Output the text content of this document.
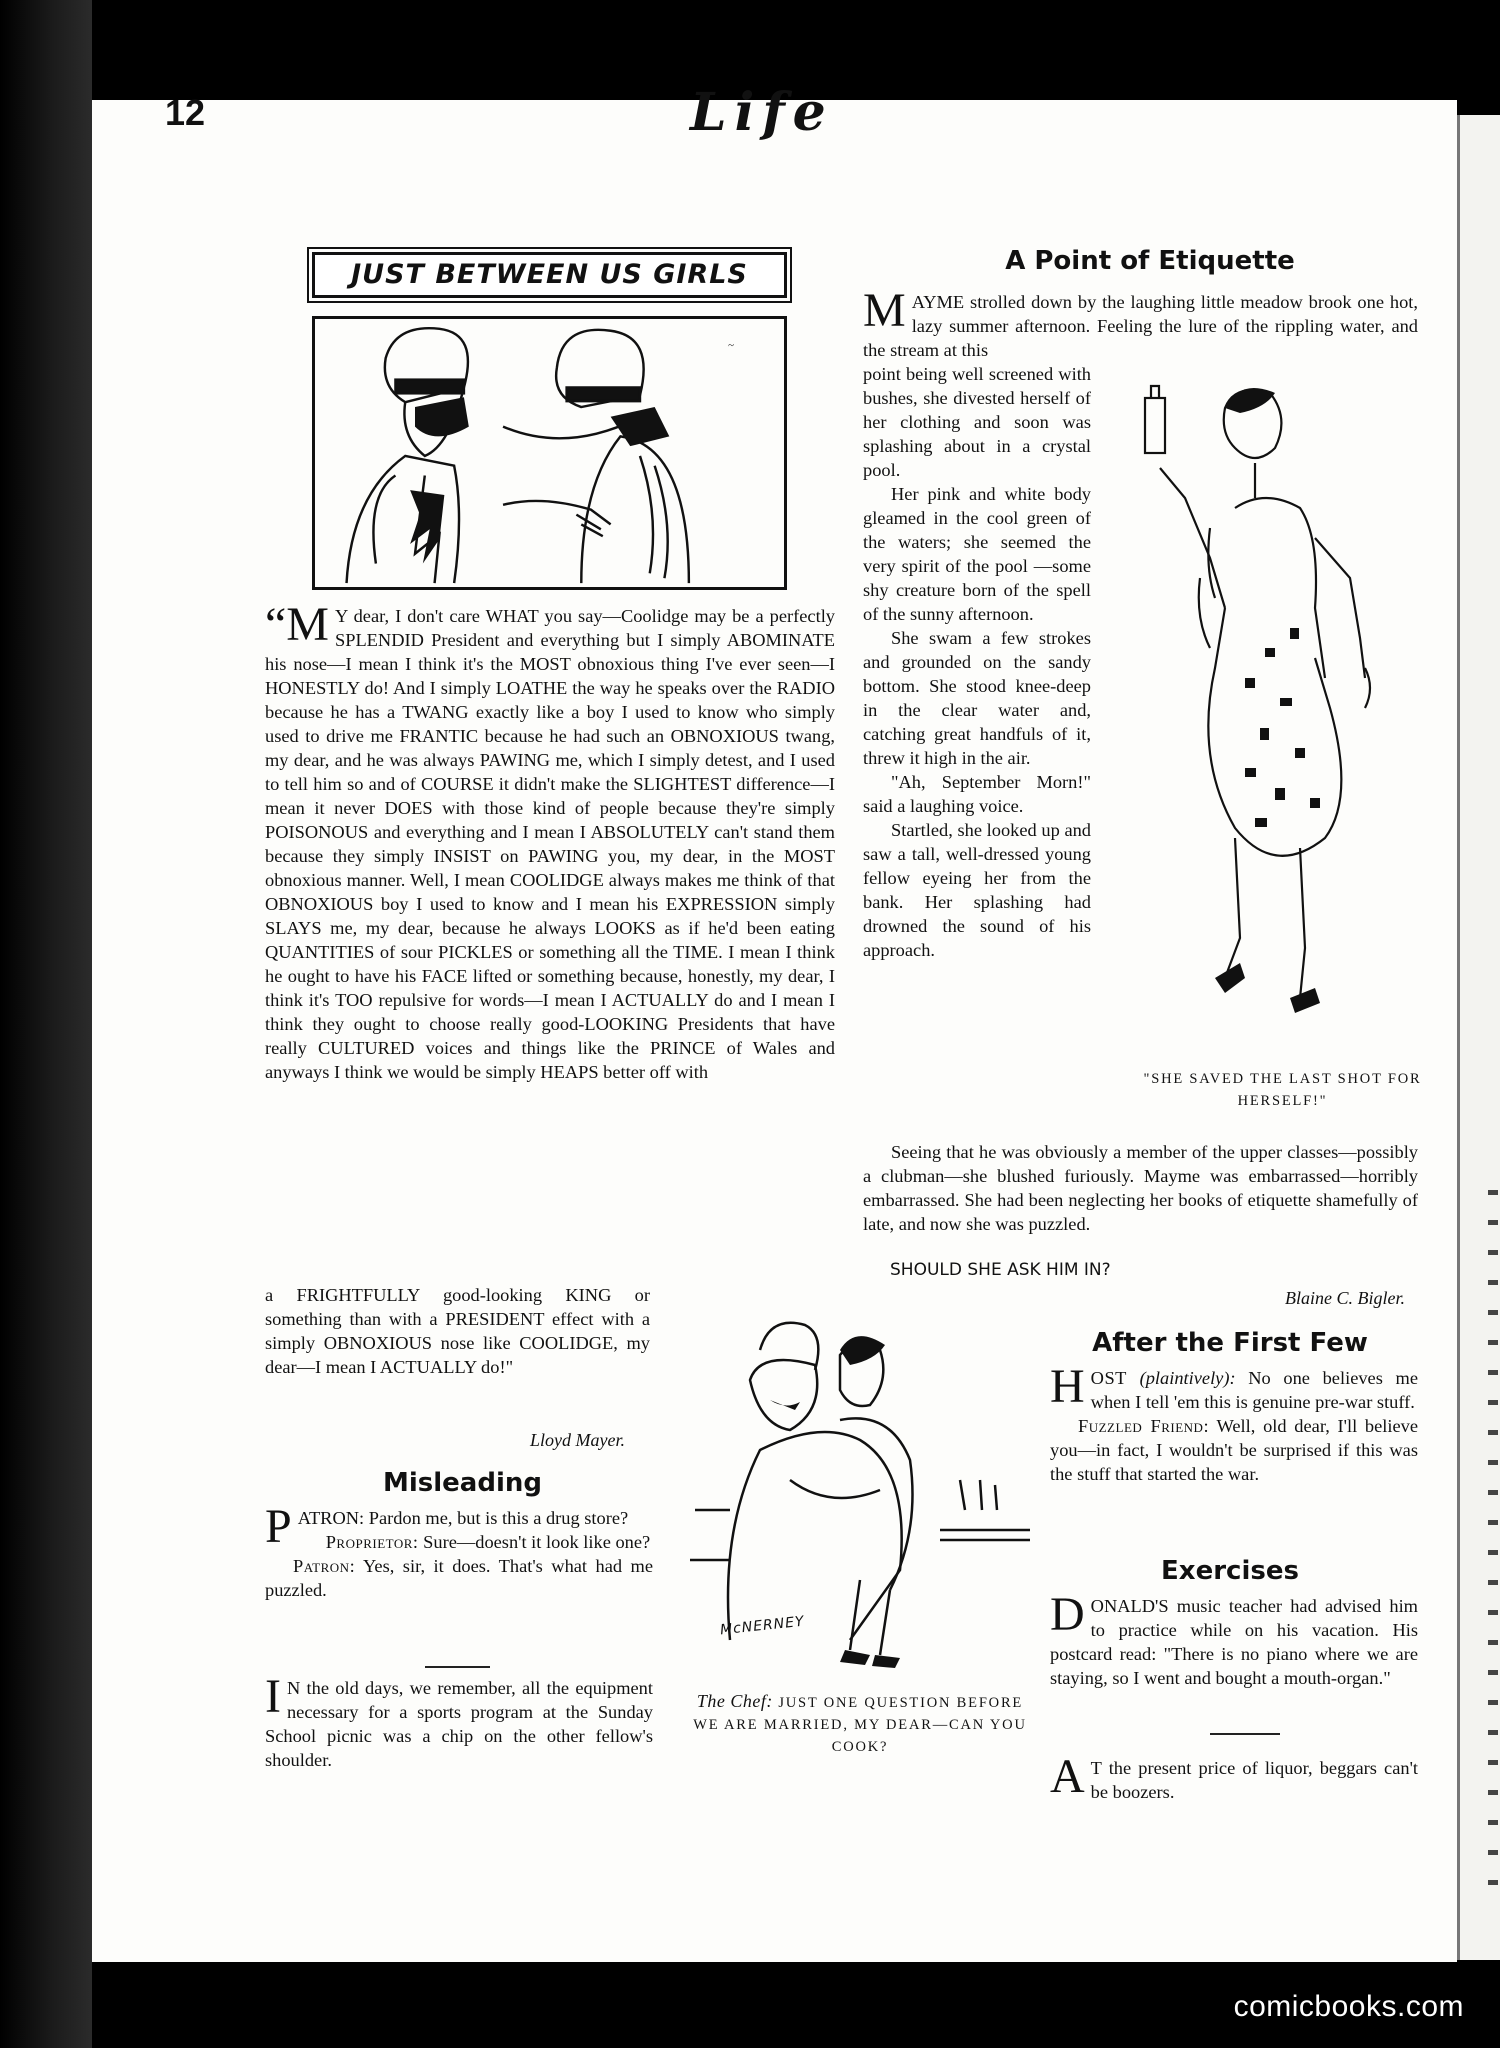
12	Life
JUST BETWEEN US GIRLS
~

“M Y dear, I don't care WHAT you say—Coolidge may be a perfectly SPLENDID President and everything but I simply ABOMINATE his nose—I mean I think it's the MOST obnoxious thing I've ever seen—I HONESTLY do! And I simply LOATHE the way he speaks over the RADIO because he has a TWANG exactly like a boy I used to know who simply used to drive me FRANTIC because he had such an OBNOXIOUS twang, my dear, and he was always PAWING me, which I simply detest, and I used to tell him so and of COURSE it didn't make the SLIGHTEST difference—I mean it never DOES with those kind of people because they're simply POISONOUS and everything and I mean I ABSOLUTELY can't stand them because they simply INSIST on PAWING you, my dear, in the MOST obnoxious manner. Well, I mean COOLIDGE always makes me think of that OBNOXIOUS boy I used to know and I mean his EXPRESSION simply SLAYS me, my dear, because he always LOOKS as if he'd been eating QUANTITIES of sour PICKLES or something all the TIME. I mean I think he ought to have his FACE lifted or something because, honestly, my dear, I think it's TOO repulsive for words—I mean I ACTUALLY do and I mean I think they ought to choose really good-LOOKING Presidents that have really CULTURED voices and things like the PRINCE of Wales and anyways I think we would be simply HEAPS better off with

a FRIGHTFULLY good-looking KING or something than with a PRESIDENT effect with a simply OBNOXIOUS nose like COOLIDGE, my dear—I mean I ACTUALLY do!"

Lloyd Mayer.
Misleading

PATRON: Pardon me, but is this a drug store?

Proprietor: Sure—doesn't it look like one?

Patron: Yes, sir, it does. That's what had me puzzled.

I N the old days, we remember, all the equipment necessary for a sports program at the Sunday School picnic was a chip on the other fellow's shoulder.

McNERNEY
The Chef: JUST ONE QUESTION BEFORE WE ARE MARRIED, MY DEAR—CAN YOU COOK?
A Point of Etiquette

MAYME strolled down by the laughing little meadow brook one hot, lazy summer afternoon. Feeling the lure of the rippling water, and the stream at this

point being well screened with bushes, she divested herself of her clothing and soon was splashing about in a crystal pool.

Her pink and white body gleamed in the cool green of the waters; she seemed the very spirit of the pool —some shy creature born of the spell of the sunny afternoon.

She swam a few strokes and grounded on the sandy bottom. She stood knee-deep in the clear water and, catching great handfuls of it, threw it high in the air.

"Ah, September Morn!" said a laughing voice.

Startled, she looked up and saw a tall, well-dressed young fellow eyeing her from the bank. Her splashing had drowned the sound of his approach.

"SHE SAVED THE LAST SHOT FOR HERSELF!"

Seeing that he was obviously a member of the upper classes—possibly a clubman—she blushed furiously. Mayme was embarrassed—horribly embarrassed. She had been neglecting her books of etiquette shamefully of late, and now she was puzzled.

SHOULD SHE ASK HIM IN?
Blaine C. Bigler.
After the First Few

HOST (plaintively): No one believes me when I tell 'em this is genuine pre-war stuff.

Fuzzled Friend: Well, old dear, I'll believe you—in fact, I wouldn't be surprised if this was the stuff that started the war.

Exercises

DONALD'S music teacher had advised him to practice while on his vacation. His postcard read: "There is no piano where we are staying, so I went and bought a mouth-organ."

A T the present price of liquor, beggars can't be boozers.

comicbooks.com
